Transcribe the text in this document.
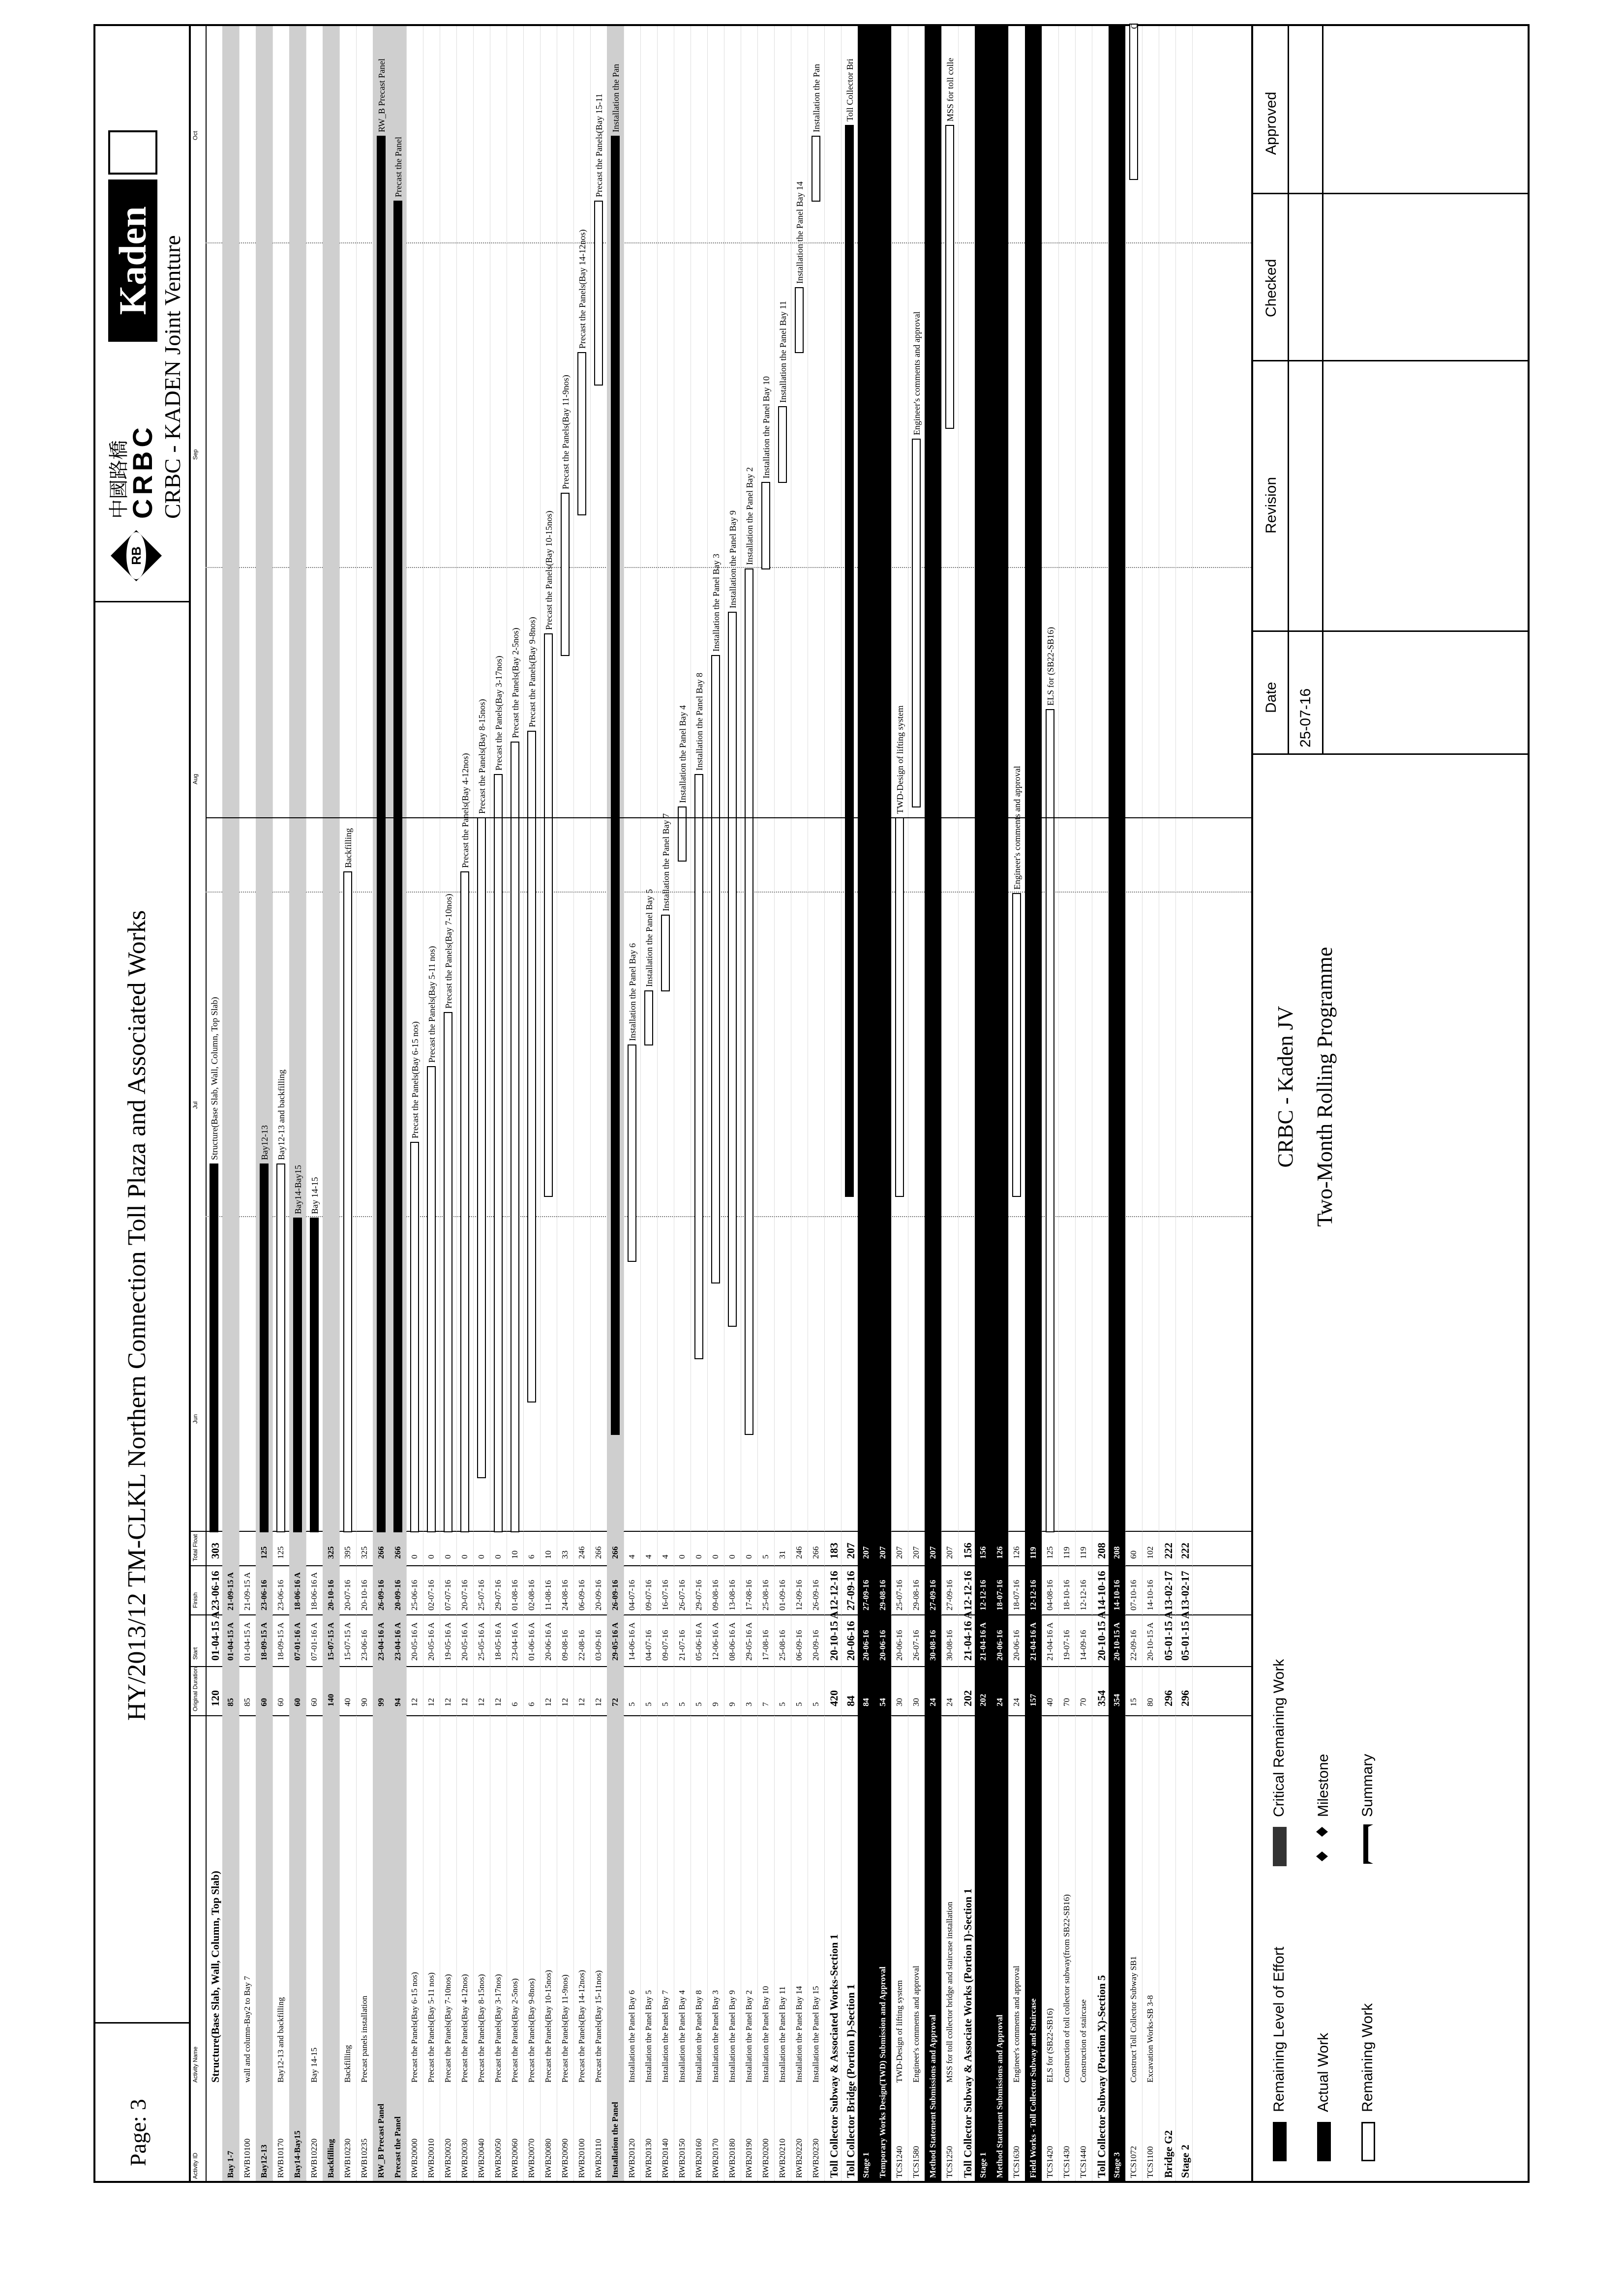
Page: 3
HY/2013/12 TM-CLKL Northern Connection Toll Plaza and Associated Works
RB
中國路橋
CRBC
Kaden CRBC - KADEN Joint Venture
Activity ID
Activity Name
Original Duration
Start
Finish
Total Float
Jun
Jul
Aug
Sep
Oct
Structure(Base Slab, Wall, Column, Top Slab)
120
01-04-15 A
23-06-16
303
Bay 1-7
85
01-04-15 A
21-09-15 A
RWB10100
wall and column-Bay2 to Bay 7
85
01-04-15 A
21-09-15 A
Bay12-13
60
18-09-15 A
23-06-16
125
RWB10170
Bay12-13 and backfilling
60
18-09-15 A
23-06-16
125
Bay14-Bay15
60
07-01-16 A
18-06-16 A
RWB10220
Bay 14-15
60
07-01-16 A
18-06-16 A
Backfilling
140
15-07-15 A
20-10-16
325
RWB10230
Backfilling
40
15-07-15 A
20-07-16
395
RWB10235
Precast panels installation
90
23-06-16
20-10-16
325
RW_B Precast Panel
99
23-04-16 A
26-09-16
266
Precast the Panel
94
23-04-16 A
20-09-16
266
RWB20000
Precast the Panels(Bay 6-15 nos)
12
20-05-16 A
25-06-16
0
RWB20010
Precast the Panels(Bay 5-11 nos)
12
20-05-16 A
02-07-16
0
RWB20020
Precast the Panels(Bay 7-10nos)
12
19-05-16 A
07-07-16
0
RWB20030
Precast the Panels(Bay 4-12nos)
12
20-05-16 A
20-07-16
0
RWB20040
Precast the Panels(Bay 8-15nos)
12
25-05-16 A
25-07-16
0
RWB20050
Precast the Panels(Bay 3-17nos)
12
18-05-16 A
29-07-16
0
RWB20060
Precast the Panels(Bay 2-5nos)
6
23-04-16 A
01-08-16
10
RWB20070
Precast the Panels(Bay 9-8nos)
6
01-06-16 A
02-08-16
6
RWB20080
Precast the Panels(Bay 10-15nos)
12
20-06-16 A
11-08-16
10
RWB20090
Precast the Panels(Bay 11-9nos)
12
09-08-16
24-08-16
33
RWB20100
Precast the Panels(Bay 14-12nos)
12
22-08-16
06-09-16
246
RWB20110
Precast the Panels(Bay 15-11nos)
12
03-09-16
20-09-16
266
Installation the Panel
72
29-05-16 A
26-09-16
266
RWB20120
Installation the Panel Bay 6
5
14-06-16 A
04-07-16
4
RWB20130
Installation the Panel Bay 5
5
04-07-16
09-07-16
4
RWB20140
Installation the Panel Bay 7
5
09-07-16
16-07-16
4
RWB20150
Installation the Panel Bay 4
5
21-07-16
26-07-16
0
RWB20160
Installation the Panel Bay 8
5
05-06-16 A
29-07-16
0
RWB20170
Installation the Panel Bay 3
9
12-06-16 A
09-08-16
0
RWB20180
Installation the Panel Bay 9
9
08-06-16 A
13-08-16
0
RWB20190
Installation the Panel Bay 2
3
29-05-16 A
17-08-16
0
RWB20200
Installation the Panel Bay 10
7
17-08-16
25-08-16
5
RWB20210
Installation the Panel Bay 11
5
25-08-16
01-09-16
31
RWB20220
Installation the Panel Bay 14
5
06-09-16
12-09-16
246
RWB20230
Installation the Panel Bay 15
5
20-09-16
26-09-16
266
Toll Collector Subway & Associated Works-Section 1
420
20-10-15 A
12-12-16
183
Toll Collector Bridge (Portion I)-Section 1
84
20-06-16
27-09-16
207
Stage 1
84
20-06-16
27-09-16
207
Temporary Works Design(TWD) Submission and Approval
54
20-06-16
29-08-16
207
TCS1240
TWD-Design of lifting system
30
20-06-16
25-07-16
207
TCS1580
Engineer's comments and approval
30
26-07-16
29-08-16
207
Method Statement Submissions and Approval
24
30-08-16
27-09-16
207
TCS1250
MSS for toll collector bridge and staircase installation
24
30-08-16
27-09-16
207
Toll Collector Subway & Associate Works (Portion I)-Section 1
202
21-04-16 A
12-12-16
156
Stage 1
202
21-04-16 A
12-12-16
156
Method Statement Submissions and Approval
24
20-06-16
18-07-16
126
TCS1630
Engineer's comments and approval
24
20-06-16
18-07-16
126
Field Works - Toll Collector Subway and Staircase
157
21-04-16 A
12-12-16
119
TCS1420
ELS for (SB22-SB16)
40
21-04-16 A
04-08-16
125
TCS1430
Construction of toll collector subway(from SB22-SB16)
70
19-07-16
18-10-16
119
TCS1440
Construction of staircase
70
14-09-16
12-12-16
119
Toll Collector Subway (Portion X)-Section 5
354
20-10-15 A
14-10-16
208
Stage 3
354
20-10-15 A
14-10-16
208
TCS1072
Construct Toll Collector Subway SB1
15
22-09-16
07-10-16
60
TCS1100
Excavation Works-SB 3-8
80
20-10-15 A
14-10-16
102
Bridge G2
296
05-01-15 A
13-02-17
222
Stage 2
296
05-01-15 A
13-02-17
222
Structure(Base Slab, Wall, Column, Top Slab)	Bay12-13 Bay12-13 and backfilling
Bay14-Bay15 Bay 14-15
Backfilling
RW_B Precast Panel
Precast the Panel
Precast the Panels(Bay 6-15 nos)
Precast the Panels(Bay 5-11 nos) Precast the Panels(Bay 7-10nos)
Precast the Panels(Bay 4-12nos) Precast the Panels(Bay 8-15nos) Precast the Panels(Bay 3-17nos) Precast the Panels(Bay 2-5nos) Precast the Panels(Bay 9-8nos)
Precast the Panels(Bay 10-15nos)
Precast the Panels(Bay 11-9nos)
Precast the Panels(Bay 14-12nos)
Precast the Panels(Bay 15-11 Installation the Pan
Installation the Panel Bay 6
Installation the Panel Bay 5
Installation the Panel Bay 7
Installation the Panel Bay 4 Installation the Panel Bay 8
Installation the Panel Bay 3 Installation the Panel Bay 9 Installation the Panel Bay 2
Installation the Panel Bay 10
Installation the Panel Bay 11
Installation the Panel Bay 14
Installation the Pan	Toll Collector Bri Stage 1
Temporary Works Design(TWD) Submission and Approval
TWD-Design of lifting system
Engineer's comments and approval
Method Statemen MSS for toll colle
Method Statement Submissions and Approval Engineer's comments and approval
ELS for (SB22-SB16)
C
Remaining Level of Effort Actual Work Remaining Work
Critical Remaining Work Milestone Summary
CRBC - Kaden JV Two-Month Rolling Programme
Date 25-07-16
Revision
Checked
Approved
